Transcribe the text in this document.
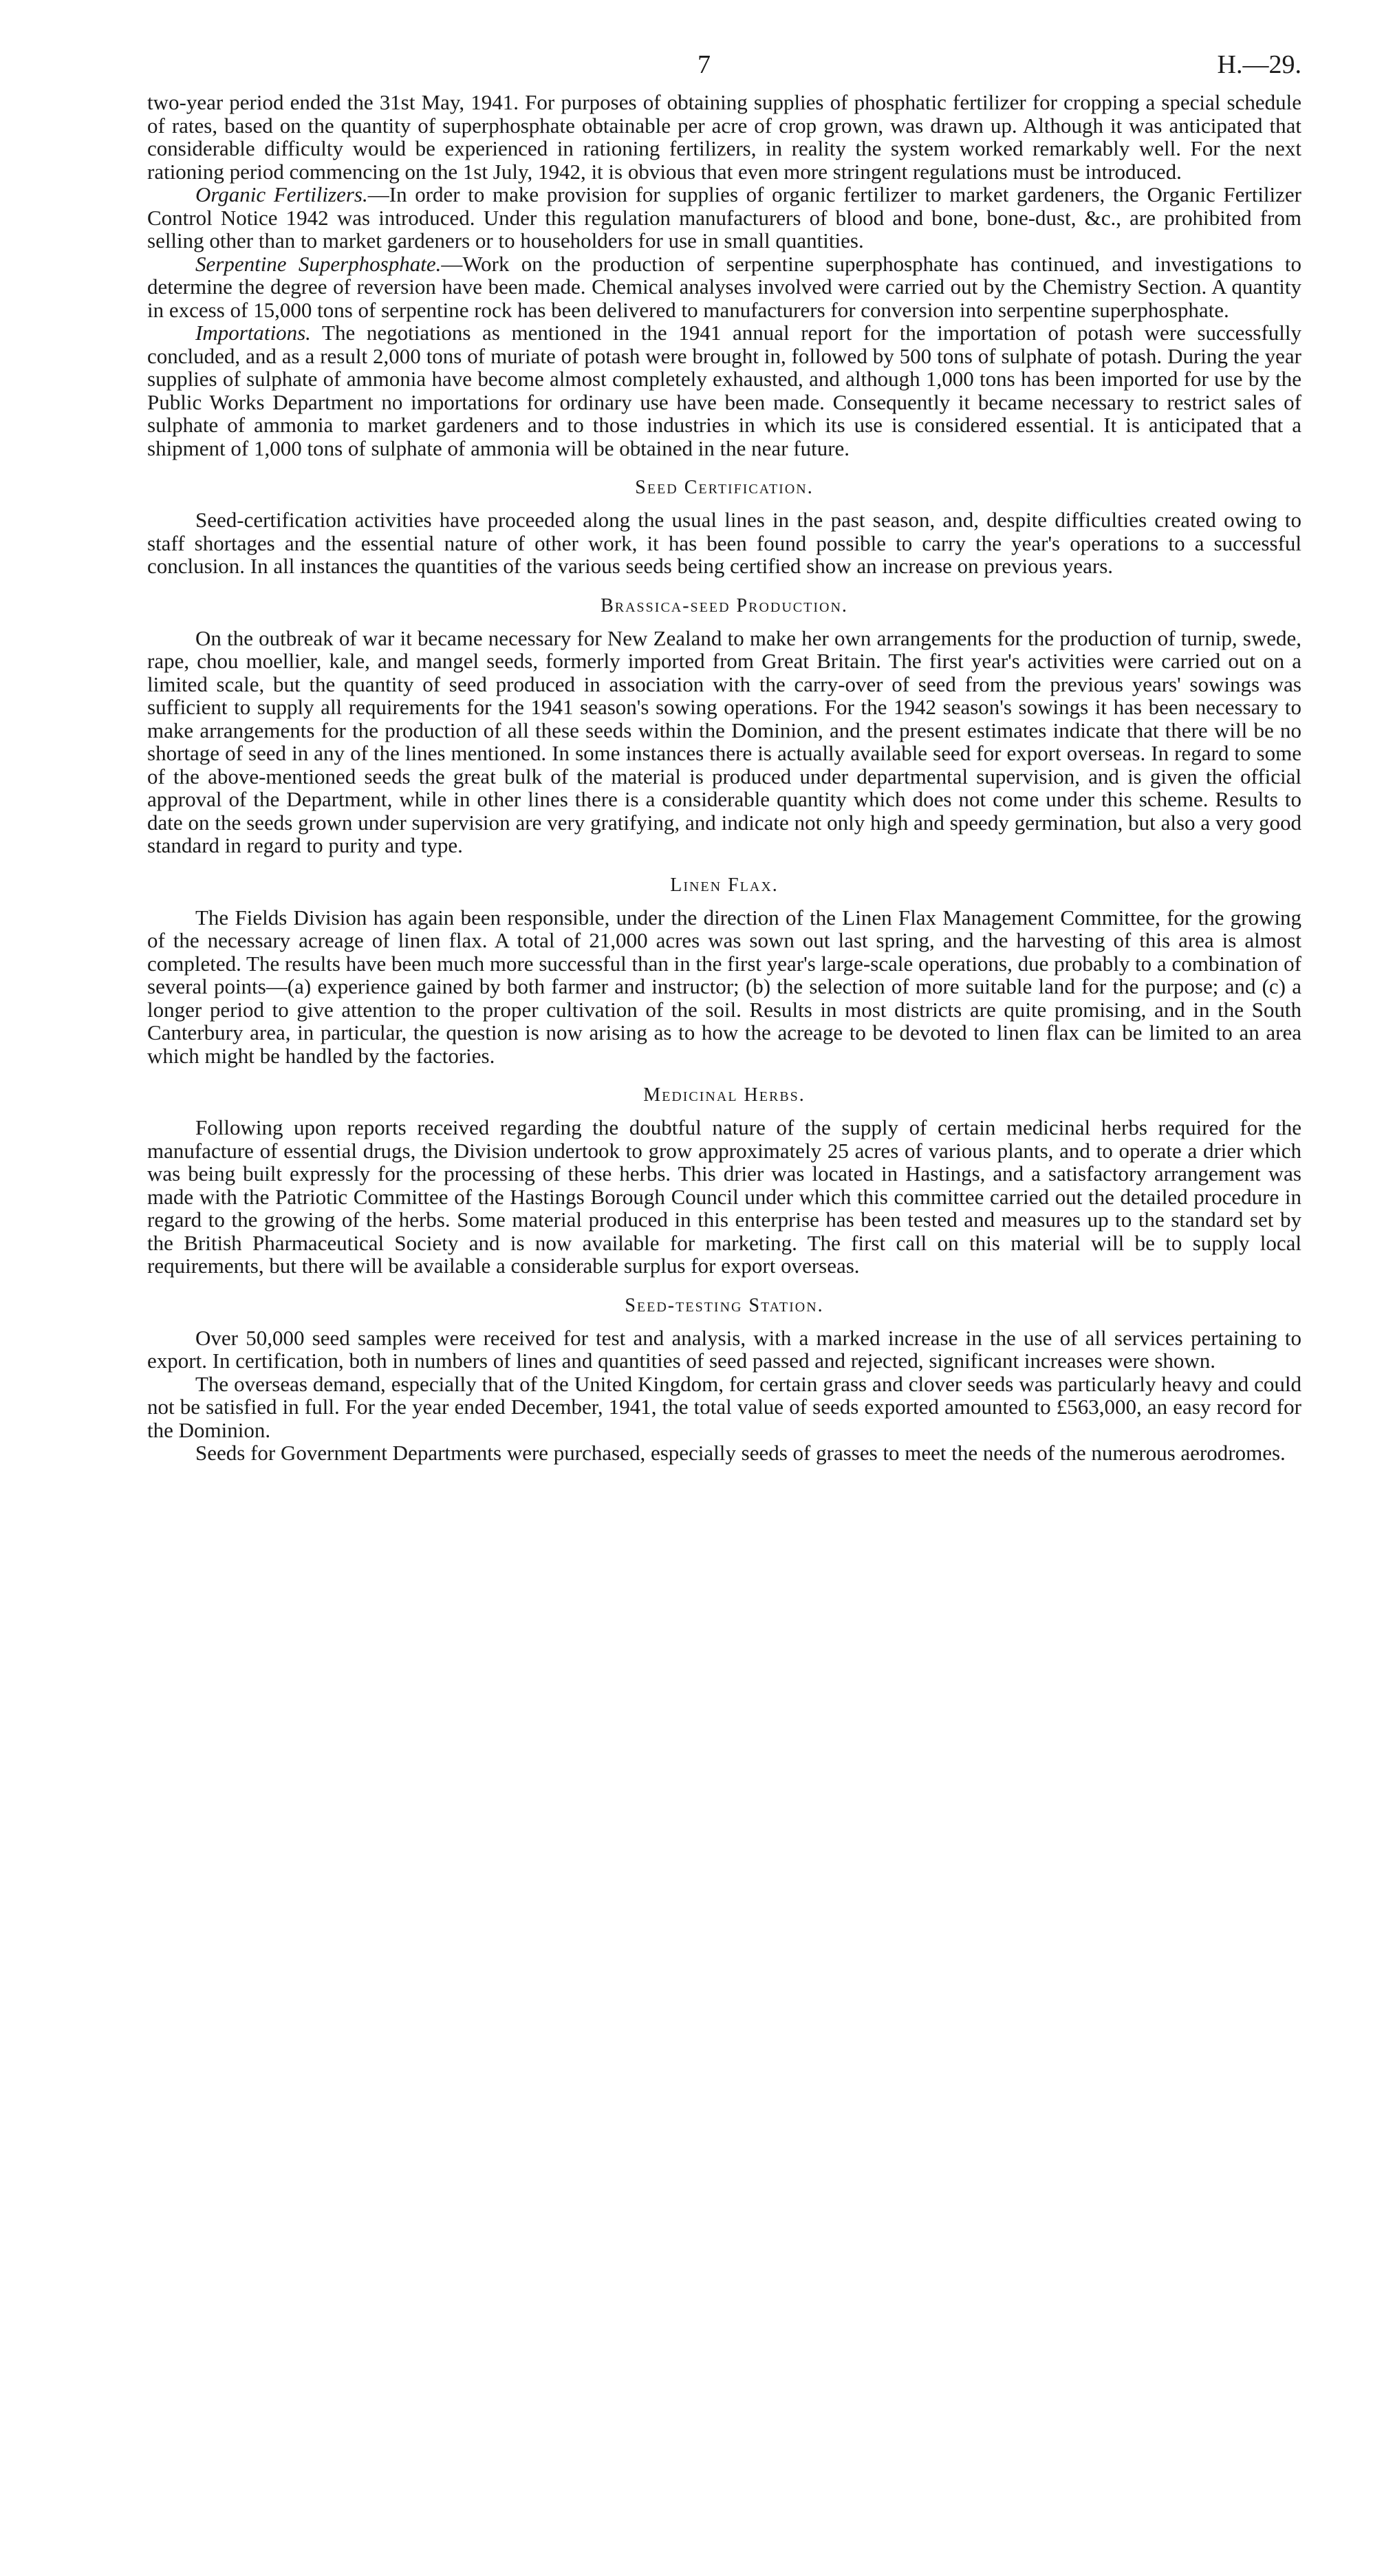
7	H.—29.

two-year period ended the 31st May, 1941. For purposes of obtaining supplies of phosphatic fertilizer for cropping a special schedule of rates, based on the quantity of superphosphate obtainable per acre of crop grown, was drawn up. Although it was anticipated that considerable difficulty would be experienced in rationing fertilizers, in reality the system worked remarkably well. For the next rationing period commencing on the 1st July, 1942, it is obvious that even more stringent regulations must be introduced.

Organic Fertilizers.—In order to make provision for supplies of organic fertilizer to market gardeners, the Organic Fertilizer Control Notice 1942 was introduced. Under this regulation manufacturers of blood and bone, bone-dust, &c., are prohibited from selling other than to market gardeners or to householders for use in small quantities.

Serpentine Superphosphate.—Work on the production of serpentine superphosphate has continued, and investigations to determine the degree of reversion have been made. Chemical analyses involved were carried out by the Chemistry Section. A quantity in excess of 15,000 tons of serpentine rock has been delivered to manufacturers for conversion into serpentine superphosphate.

Importations. The negotiations as mentioned in the 1941 annual report for the importation of potash were successfully concluded, and as a result 2,000 tons of muriate of potash were brought in, followed by 500 tons of sulphate of potash. During the year supplies of sulphate of ammonia have become almost completely exhausted, and although 1,000 tons has been imported for use by the Public Works Department no importations for ordinary use have been made. Consequently it became necessary to restrict sales of sulphate of ammonia to market gardeners and to those industries in which its use is considered essential. It is anticipated that a shipment of 1,000 tons of sulphate of ammonia will be obtained in the near future.

Seed Certification.

Seed-certification activities have proceeded along the usual lines in the past season, and, despite difficulties created owing to staff shortages and the essential nature of other work, it has been found possible to carry the year's operations to a successful conclusion. In all instances the quantities of the various seeds being certified show an increase on previous years.

Brassica-seed Production.

On the outbreak of war it became necessary for New Zealand to make her own arrangements for the production of turnip, swede, rape, chou moellier, kale, and mangel seeds, formerly imported from Great Britain. The first year's activities were carried out on a limited scale, but the quantity of seed produced in association with the carry-over of seed from the previous years' sowings was sufficient to supply all requirements for the 1941 season's sowing operations. For the 1942 season's sowings it has been necessary to make arrangements for the production of all these seeds within the Dominion, and the present estimates indicate that there will be no shortage of seed in any of the lines mentioned. In some instances there is actually available seed for export overseas. In regard to some of the above-mentioned seeds the great bulk of the material is produced under departmental supervision, and is given the official approval of the Department, while in other lines there is a considerable quantity which does not come under this scheme. Results to date on the seeds grown under supervision are very gratifying, and indicate not only high and speedy germination, but also a very good standard in regard to purity and type.

Linen Flax.

The Fields Division has again been responsible, under the direction of the Linen Flax Management Committee, for the growing of the necessary acreage of linen flax. A total of 21,000 acres was sown out last spring, and the harvesting of this area is almost completed. The results have been much more successful than in the first year's large-scale operations, due probably to a combination of several points—(a) experience gained by both farmer and instructor; (b) the selection of more suitable land for the purpose; and (c) a longer period to give attention to the proper cultivation of the soil. Results in most districts are quite promising, and in the South Canterbury area, in particular, the question is now arising as to how the acreage to be devoted to linen flax can be limited to an area which might be handled by the factories.

Medicinal Herbs.

Following upon reports received regarding the doubtful nature of the supply of certain medicinal herbs required for the manufacture of essential drugs, the Division undertook to grow approximately 25 acres of various plants, and to operate a drier which was being built expressly for the processing of these herbs. This drier was located in Hastings, and a satisfactory arrangement was made with the Patriotic Committee of the Hastings Borough Council under which this committee carried out the detailed procedure in regard to the growing of the herbs. Some material produced in this enterprise has been tested and measures up to the standard set by the British Pharmaceutical Society and is now available for marketing. The first call on this material will be to supply local requirements, but there will be available a considerable surplus for export overseas.

Seed-testing Station.

Over 50,000 seed samples were received for test and analysis, with a marked increase in the use of all services pertaining to export. In certification, both in numbers of lines and quantities of seed passed and rejected, significant increases were shown.

The overseas demand, especially that of the United Kingdom, for certain grass and clover seeds was particularly heavy and could not be satisfied in full. For the year ended December, 1941, the total value of seeds exported amounted to £563,000, an easy record for the Dominion.

Seeds for Government Departments were purchased, especially seeds of grasses to meet the needs of the numerous aerodromes.
